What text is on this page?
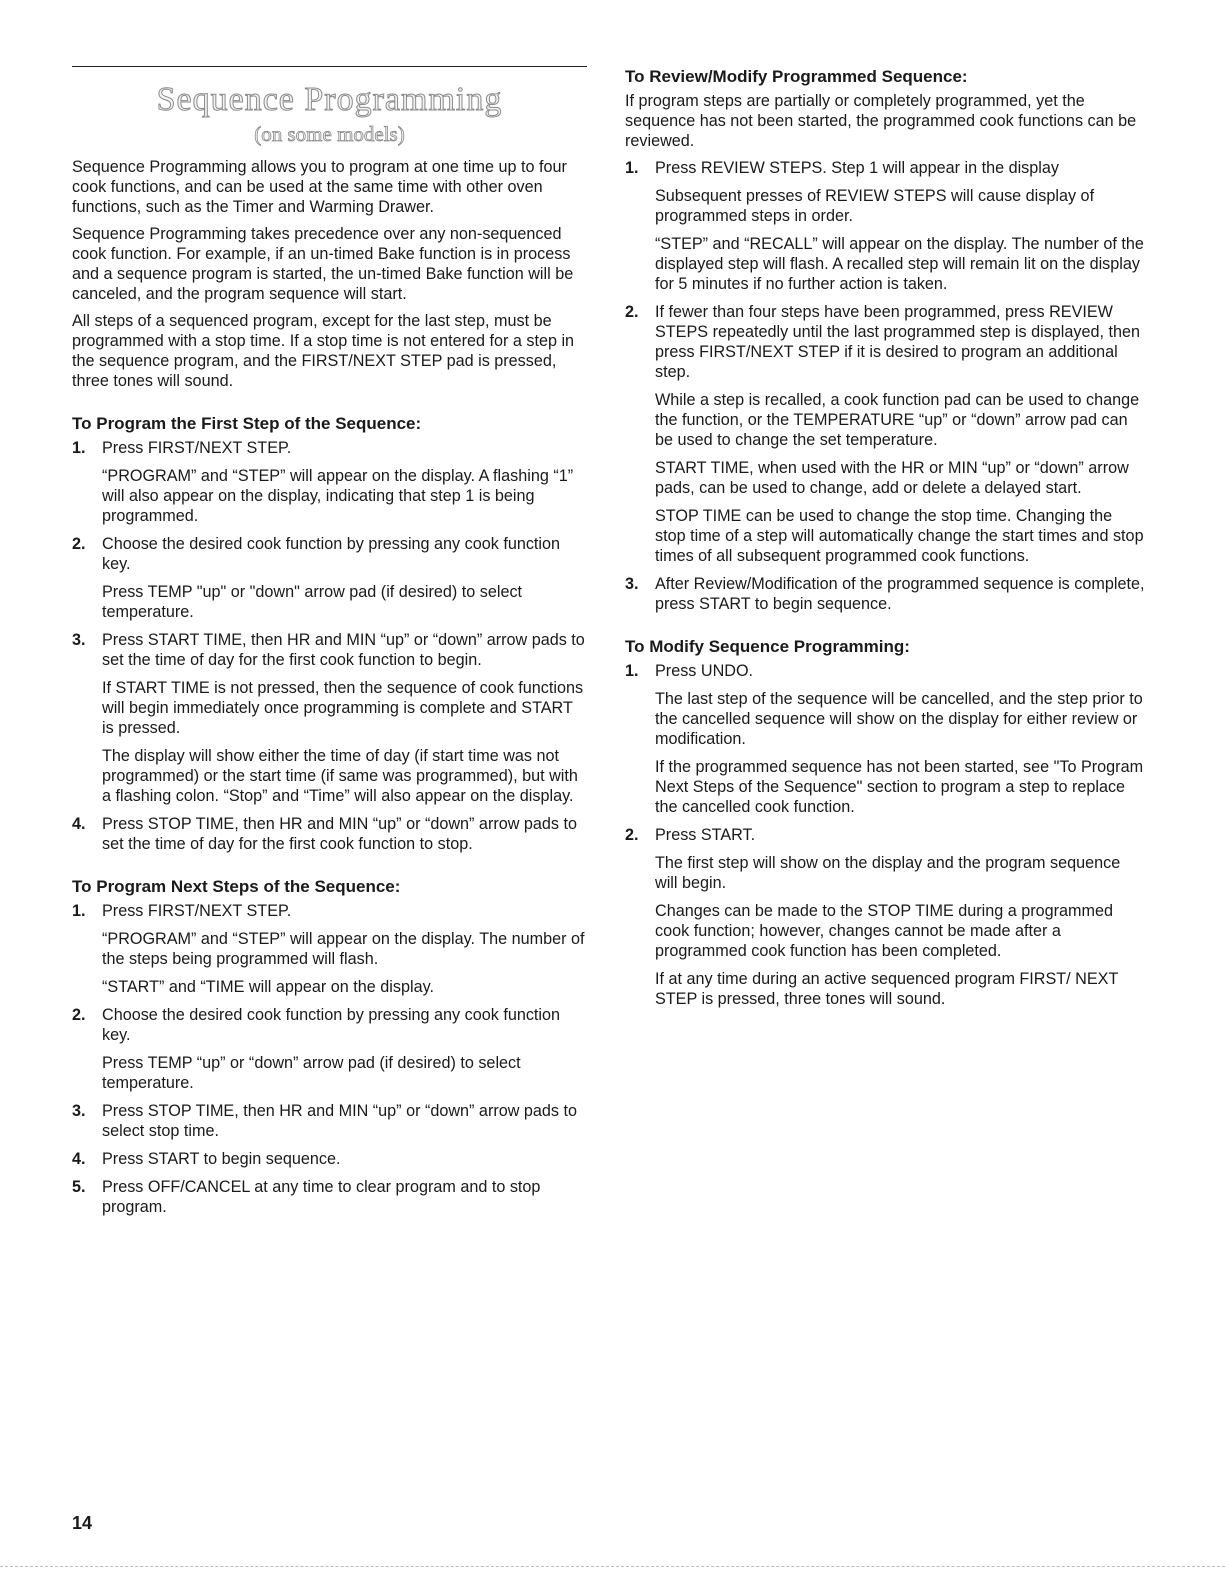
Sequence Programming
(on some models)

Sequence Programming allows you to program at one time up to four cook functions, and can be used at the same time with other oven functions, such as the Timer and Warming Drawer.

Sequence Programming takes precedence over any non-sequenced cook function. For example, if an un-timed Bake function is in process and a sequence program is started, the un-timed Bake function will be canceled, and the program sequence will start.

All steps of a sequenced program, except for the last step, must be programmed with a stop time. If a stop time is not entered for a step in the sequence program, and the FIRST/NEXT STEP pad is pressed, three tones will sound.

To Program the First Step of the Sequence:
1. Press FIRST/NEXT STEP.

“PROGRAM” and “STEP” will appear on the display. A flashing “1” will also appear on the display, indicating that step 1 is being programmed.

2. Choose the desired cook function by pressing any cook function key.

Press TEMP "up" or "down" arrow pad (if desired) to select temperature.

3. Press START TIME, then HR and MIN “up” or “down” arrow pads to set the time of day for the first cook function to begin.

If START TIME is not pressed, then the sequence of cook functions will begin immediately once programming is complete and START is pressed.

The display will show either the time of day (if start time was not programmed) or the start time (if same was programmed), but with a flashing colon. “Stop” and “Time” will also appear on the display.

4. Press STOP TIME, then HR and MIN “up” or “down” arrow pads to set the time of day for the first cook function to stop.

To Program Next Steps of the Sequence:
1. Press FIRST/NEXT STEP.

“PROGRAM” and “STEP” will appear on the display. The number of the steps being programmed will flash.

“START” and “TIME will appear on the display.

2. Choose the desired cook function by pressing any cook function key.

Press TEMP “up” or “down” arrow pad (if desired) to select temperature.

3. Press STOP TIME, then HR and MIN “up” or “down” arrow pads to select stop time.

4. Press START to begin sequence.

5. Press OFF/CANCEL at any time to clear program and to stop program.

To Review/Modify Programmed Sequence:

If program steps are partially or completely programmed, yet the sequence has not been started, the programmed cook functions can be reviewed.

1. Press REVIEW STEPS. Step 1 will appear in the display

Subsequent presses of REVIEW STEPS will cause display of programmed steps in order.

“STEP” and “RECALL” will appear on the display. The number of the displayed step will flash. A recalled step will remain lit on the display for 5 minutes if no further action is taken.

2. If fewer than four steps have been programmed, press REVIEW STEPS repeatedly until the last programmed step is displayed, then press FIRST/NEXT STEP if it is desired to program an additional step.

While a step is recalled, a cook function pad can be used to change the function, or the TEMPERATURE “up” or “down” arrow pad can be used to change the set temperature.

START TIME, when used with the HR or MIN “up” or “down” arrow pads, can be used to change, add or delete a delayed start.

STOP TIME can be used to change the stop time. Changing the stop time of a step will automatically change the start times and stop times of all subsequent programmed cook functions.

3. After Review/Modification of the programmed sequence is complete, press START to begin sequence.

To Modify Sequence Programming:
1. Press UNDO.

The last step of the sequence will be cancelled, and the step prior to the cancelled sequence will show on the display for either review or modification.

If the programmed sequence has not been started, see "To Program Next Steps of the Sequence" section to program a step to replace the cancelled cook function.

2. Press START.

The first step will show on the display and the program sequence will begin.

Changes can be made to the STOP TIME during a programmed cook function; however, changes cannot be made after a programmed cook function has been completed.

If at any time during an active sequenced program FIRST/ NEXT STEP is pressed, three tones will sound.

14
